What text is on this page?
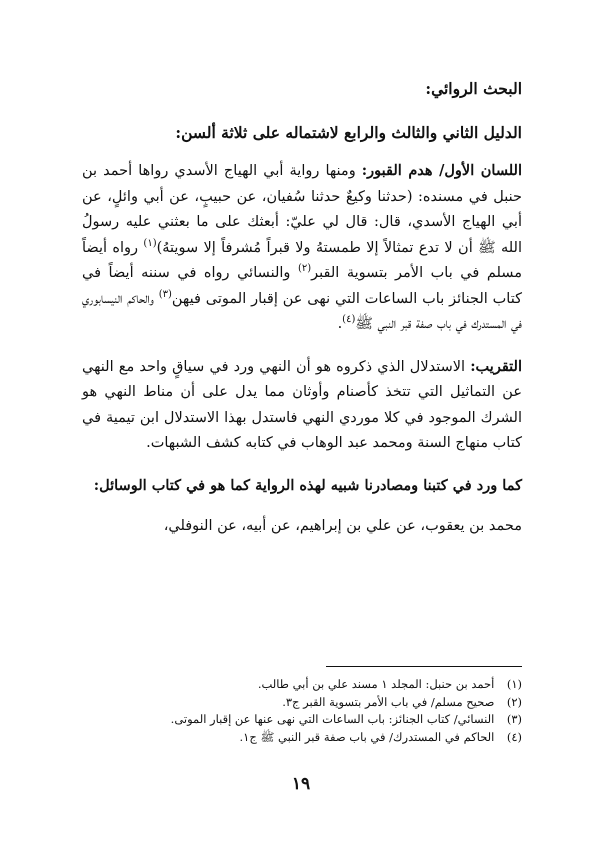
البحث الروائي:

الدليل الثاني والثالث والرابع لاشتماله على ثلاثة ألسن:

اللسان الأول/ هدم القبور: ومنها رواية أبي الهياج الأسدي رواها أحمد بن حنبل في مسنده: (حدثنا وكيعٌ حدثنا سُفيان، عن حبيبٍ، عن أبي وائلٍ، عن أبي الهياج الأسدي، قال: قال لي عليّ: أبعثك على ما بعثني عليه رسولُ الله ﷺ أن لا تدع تمثالاً إلا طمستهُ ولا قبراً مُشرفاً إلا سويتهُ)$^{(١)}$ رواه أيضاً مسلم في باب الأمر بتسوية القبر$^{(٢)}$ والنسائي رواه في سننه أيضاً في كتاب الجنائز باب الساعات التي نهى عن إقبار الموتى فيهن$^{(٣)}$ والحاكم النيسابوري في المستدرك في باب صفة قبر النبي ﷺ$^{(٤)}$.

التقريب: الاستدلال الذي ذكروه هو أن النهي ورد في سياقٍ واحد مع النهي عن التماثيل التي تتخذ كأصنام وأوثان مما يدل على أن مناط النهي هو الشرك الموجود في كلا موردي النهي فاستدل بهذا الاستدلال ابن تيمية في كتاب منهاج السنة ومحمد عبد الوهاب في كتابه كشف الشبهات.

كما ورد في كتبنا ومصادرنا شبيه لهذه الرواية كما هو في كتاب الوسائل:

محمد بن يعقوب، عن علي بن إبراهيم، عن أبيه، عن النوفلي،

(١) أحمد بن حنبل: المجلد ١ مسند علي بن أبي طالب.
(٢) صحيح مسلم/ في باب الأمر بتسوية القبر ج٣.
(٣) النسائي/ كتاب الجنائز: باب الساعات التي نهى عنها عن إقبار الموتى.
(٤) الحاكم في المستدرك/ في باب صفة قبر النبي ﷺ ج١.
١٩
